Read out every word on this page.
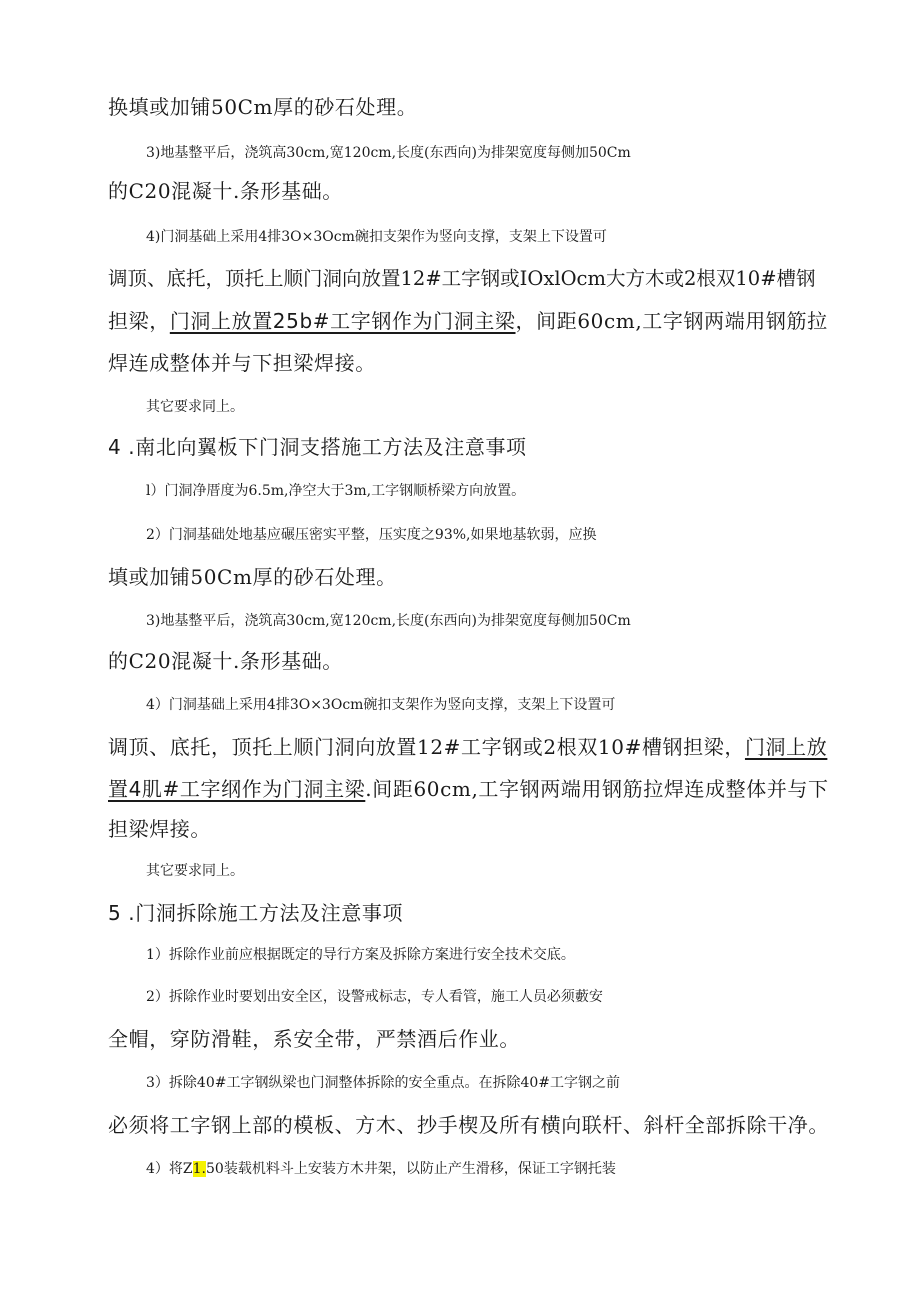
换填或加铺50Cm厚的砂石处理。
3)地基整平后，浇筑高30cm,宽120cm,长度(东西向)为排架宽度每侧加50Cm
的C20混凝十.条形基础。
4)门洞基础上采用4排3O×3Ocm碗扣支架作为竖向支撑，支架上下设置可
调顶、底托，顶托上顺门洞向放置12#工字钢或IOxlOcm大方木或2根双10#槽钢
担梁，门洞上放置25b#工字钢作为门洞主梁，间距60cm,工字钢两端用钢筋拉
焊连成整体并与下担梁焊接。
其它要求同上。
4 .南北向翼板下门洞支搭施工方法及注意事项
l）门洞净厝度为6.5m,净空大于3m,工字钢顺桥梁方向放置。
2）门洞基础处地基应碾压密实平整，压实度之93%,如果地基软弱，应换
填或加铺50Cm厚的砂石处理。
3)地基整平后，浇筑高30cm,宽120cm,长度(东西向)为排架宽度每侧加50Cm
的C20混凝十.条形基础。
4）门洞基础上采用4排3O×3Ocm碗扣支架作为竖向支撑，支架上下设置可
调顶、底托，顶托上顺门洞向放置12#工字钢或2根双10#槽钢担梁，门洞上放
置4肌#工字纲作为门洞主梁.间距60cm,工字钢两端用钢筋拉焊连成整体并与下
担梁焊接。
其它要求同上。
5 .门洞拆除施工方法及注意事项
1）拆除作业前应根据既定的导行方案及拆除方案进行安全技术交底。
2）拆除作业时要划出安全区，设警戒标志，专人看管，施工人员必须藪安
全帽，穿防滑鞋，系安全带，严禁酒后作业。
3）拆除40#工字钢纵梁也门洞整体拆除的安全重点。在拆除40#工字钢之前
必须将工字钢上部的模板、方木、抄手楔及所有横向联杆、斜杆全部拆除干净。
4）将Z1.50装载机料斗上安装方木井架，以防止产生滑移，保证工字钢托装
